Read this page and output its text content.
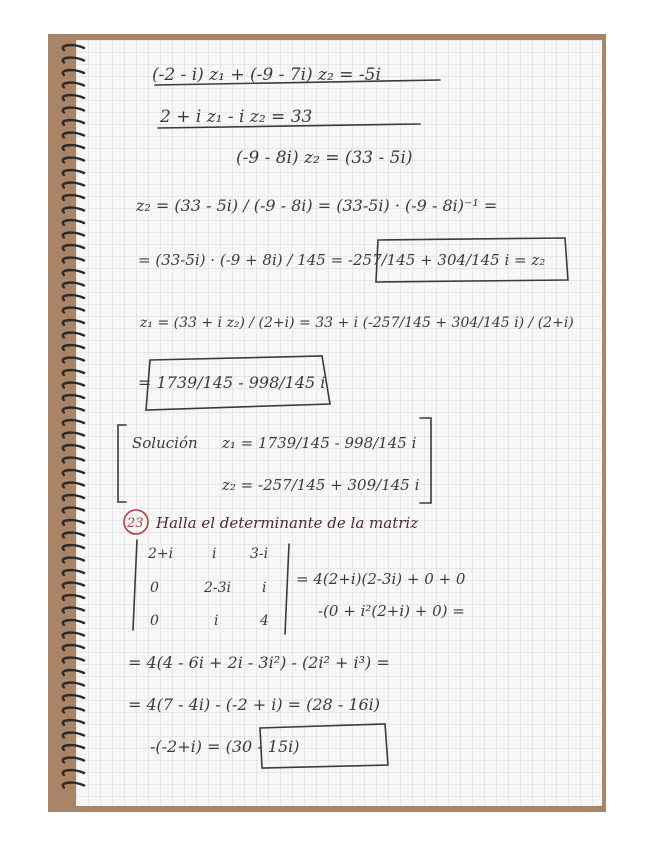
(-2 - i) z₁ + (-9 - 7i) z₂ = -5i
2 + i z₁ - i z₂ = 33
(-9 - 8i) z₂ = (33 - 5i)
z₂ = (33 - 5i) / (-9 - 8i) = (33-5i) · (-9 - 8i)⁻¹ =
= (33-5i) · (-9 + 8i) / 145 = -257/145 + 304/145 i = z₂
z₁ = (33 + i z₂) / (2+i) = 33 + i (-257/145 + 304/145 i) / (2+i)
= 1739/145 - 998/145 i
Solución z₁ = 1739/145 - 998/145 i
z₂ = -257/145 + 309/145 i
23 Halla el determinante de la matriz
2+i	i 3-i
0	2-3i i
0	i	4
= 4(2+i)(2-3i) + 0 + 0
-(0 + i²(2+i) + 0) =
= 4(4 - 6i + 2i - 3i²) - (2i² + i³) =
= 4(7 - 4i) - (-2 + i) = (28 - 16i)
-(-2+i) = (30 - 15i)
